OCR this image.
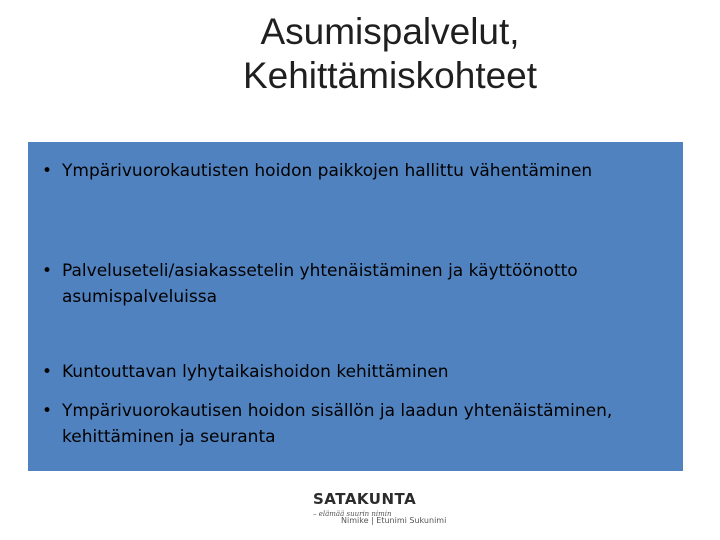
Asumispalvelut,
Kehittämiskohteet
• Ympärivuorokautisten hoidon paikkojen hallittu vähentäminen
• Palveluseteli/asiakassetelin yhtenäistäminen ja käyttöönotto asumispalveluissa
• Kuntouttavan lyhytaikaishoidon kehittäminen
• Ympärivuorokautisen hoidon sisällön ja laadun yhtenäistäminen, kehittäminen ja seuranta
SATAKUNTA
– elämää suurin nimin
Nimike | Etunimi Sukunimi
